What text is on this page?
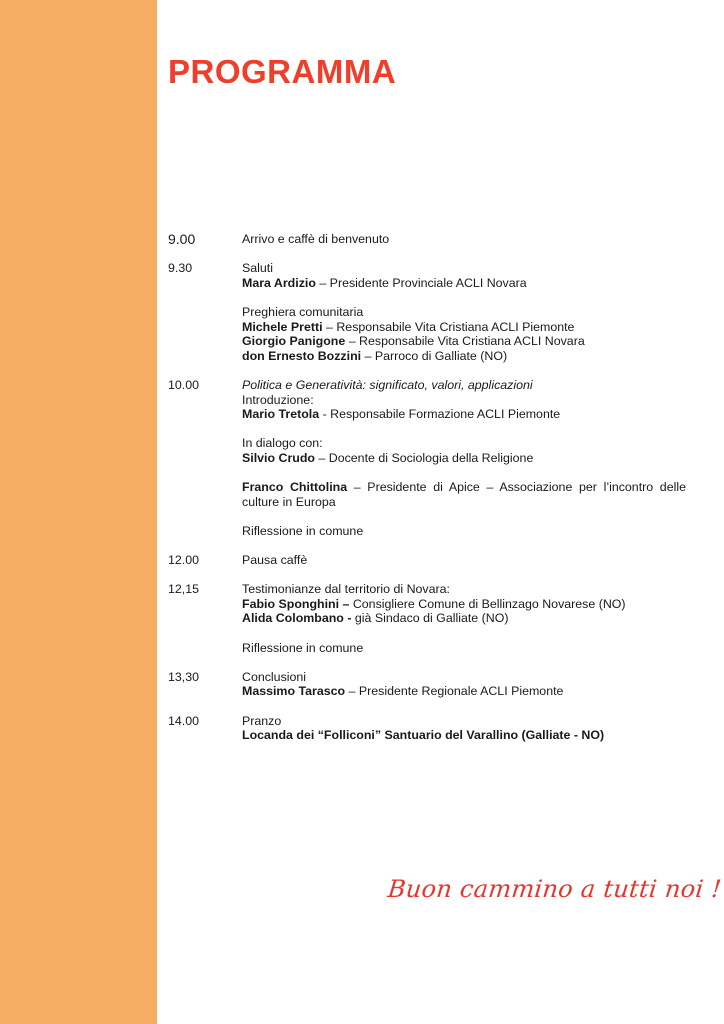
PROGRAMMA
9.00	Arrivo e caffè di benvenuto
9.30	Saluti
Mara Ardizio – Presidente Provinciale ACLI Novara
Preghiera comunitaria
Michele Pretti – Responsabile Vita Cristiana ACLI Piemonte
Giorgio Panigone – Responsabile Vita Cristiana ACLI Novara
don Ernesto Bozzini – Parroco di Galliate (NO)
10.00	Politica e Generatività: significato, valori, applicazioni
Introduzione:
Mario Tretola - Responsabile Formazione ACLI Piemonte
In dialogo con:
Silvio Crudo – Docente di Sociologia della Religione
Franco Chittolina – Presidente di Apice – Associazione per l’incontro delle culture in Europa
Riflessione in comune
12.00	Pausa caffè
12,15	Testimonianze dal territorio di Novara:
Fabio Sponghini – Consigliere Comune di Bellinzago Novarese (NO)
Alida Colombano - già Sindaco di Galliate (NO)
Riflessione in comune
13,30	Conclusioni
Massimo Tarasco – Presidente Regionale ACLI Piemonte
14.00	Pranzo
Locanda dei “Folliconi” Santuario del Varallino (Galliate - NO)

Buon cammino a tutti noi !
